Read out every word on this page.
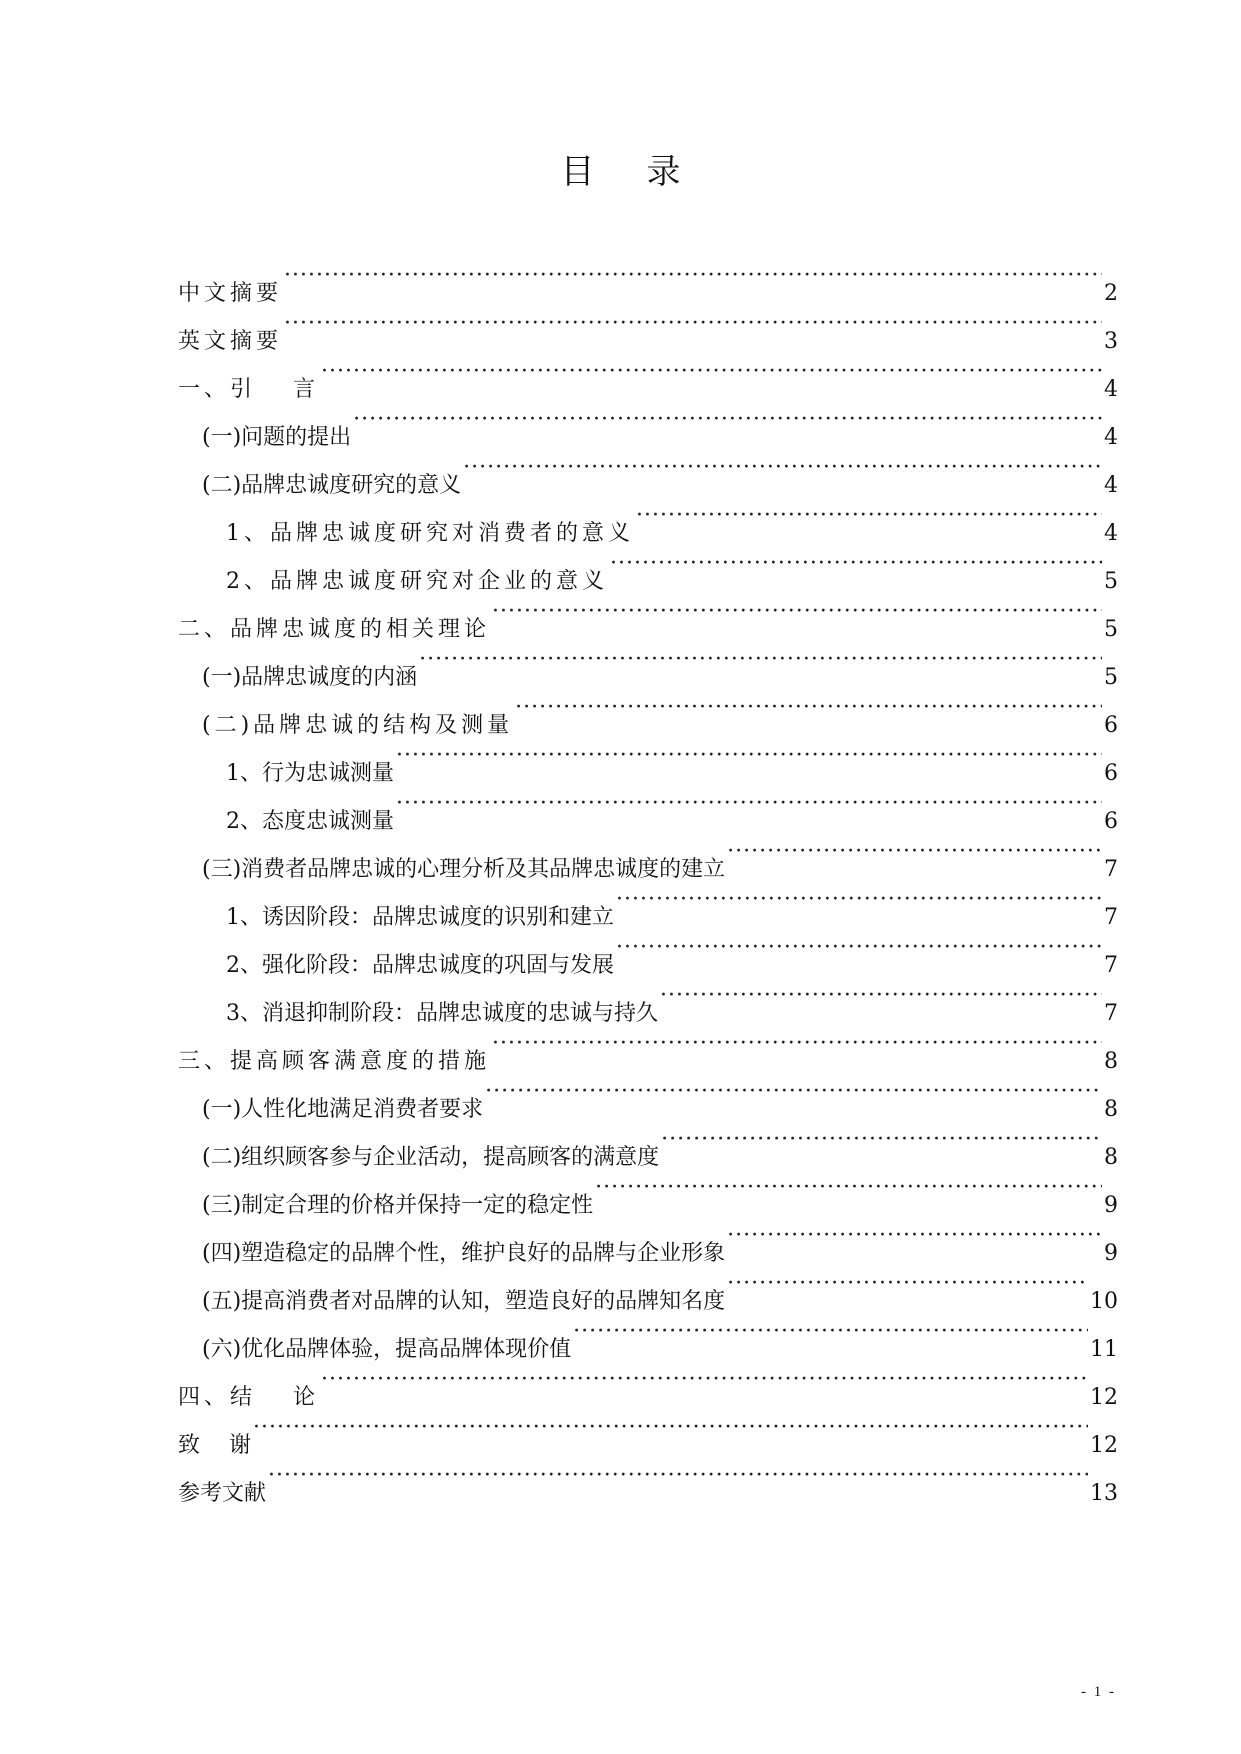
目录
中文摘要 ·····	2
英文摘要 ·····	3
一、引　 言 ·····	4
(一)问题的提出 ·····	4
(二)品牌忠诚度研究的意义 ·····	4
1、品牌忠诚度研究对消费者的意义 ·····	4
2、品牌忠诚度研究对企业的意义 ·····	5
二、品牌忠诚度的相关理论 ·····	5
(一)品牌忠诚度的内涵 ·····	5
(二)品牌忠诚的结构及测量 ·····	6
1、行为忠诚测量 ·····	6
2、态度忠诚测量 ·····	6
(三)消费者品牌忠诚的心理分析及其品牌忠诚度的建立 ·····	7
1、诱因阶段：品牌忠诚度的识别和建立 ·····	7
2、强化阶段：品牌忠诚度的巩固与发展 ·····	7
3、消退抑制阶段：品牌忠诚度的忠诚与持久 ·····	7
三、提高顾客满意度的措施 ·····	8
(一)人性化地满足消费者要求 ·····	8
(二)组织顾客参与企业活动，提高顾客的满意度 ·····	8
(三)制定合理的价格并保持一定的稳定性 ·····	9
(四)塑造稳定的品牌个性，维护良好的品牌与企业形象 ·····	9
(五)提高消费者对品牌的认知，塑造良好的品牌知名度 ·····	10
(六)优化品牌体验，提高品牌体现价值 ·····	11
四、结　 论 ·····	12
致　 谢 ·····	12
参考文献 ·····	13
- 1 -
